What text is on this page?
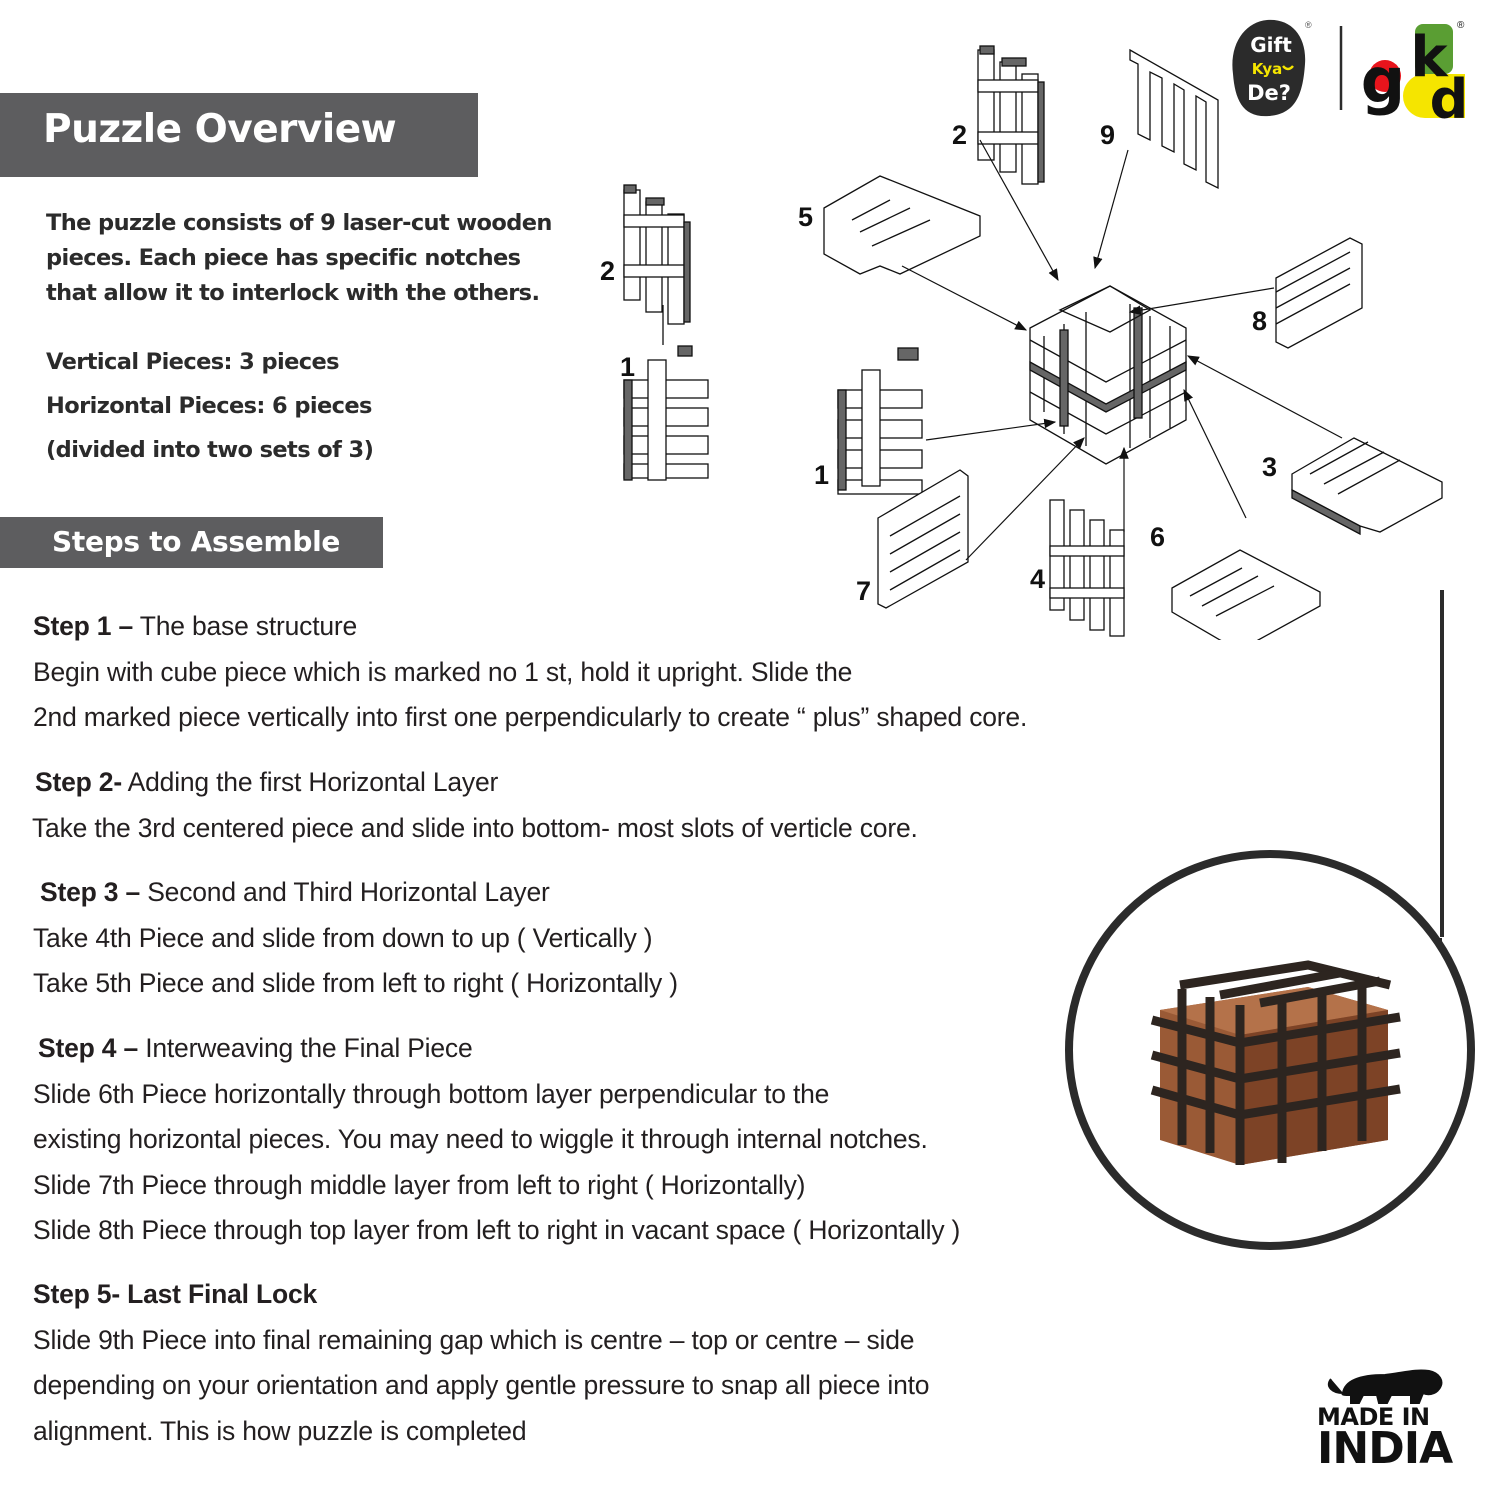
Gift
Kya
De?
®
g k
d
®
Puzzle Overview
The puzzle consists of 9 laser-cut wooden
pieces. Each piece has specific notches
that allow it to interlock with the others.
Vertical Pieces: 3 pieces
Horizontal Pieces: 6 pieces
(divided into two sets of 3)
2
1
2	9
5
8
1	3
6
4
7
Steps to Assemble
Step 1 – The base structure
Begin with cube piece which is marked no 1 st, hold it upright. Slide the
2nd marked piece vertically into first one perpendicularly to create “ plus” shaped core.
Step 2- Adding the first Horizontal Layer
Take the 3rd centered piece and slide into bottom- most slots of verticle core.
Step 3 – Second and Third Horizontal Layer
Take 4th Piece and slide from down to up ( Vertically )
Take 5th Piece and slide from left to right ( Horizontally )
Step 4 – Interweaving the Final Piece
Slide 6th Piece horizontally through bottom layer perpendicular to the
existing horizontal pieces. You may need to wiggle it through internal notches.
Slide 7th Piece through middle layer from left to right ( Horizontally)
Slide 8th Piece through top layer from left to right in vacant space ( Horizontally )
Step 5- Last Final Lock
Slide 9th Piece into final remaining gap which is centre – top or centre – side
depending on your orientation and apply gentle pressure to snap all piece into
alignment. This is how puzzle is completed	MADE IN
INDIA
